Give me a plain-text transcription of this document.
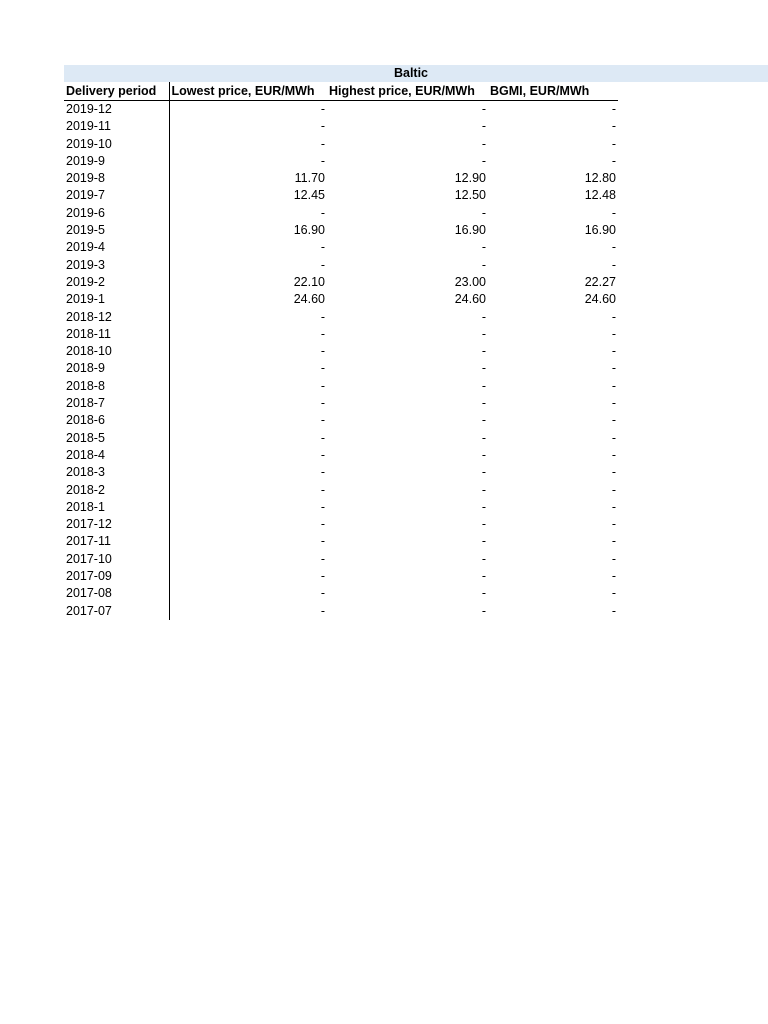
Baltic
Delivery period	Lowest price, EUR/MWh	Highest price, EUR/MWh	BGMI, EUR/MWh
2019-12	-	-	-
2019-11	-	-	-
2019-10	-	-	-
2019-9	-	-	-
2019-8	11.70	12.90	12.80
2019-7	12.45	12.50	12.48
2019-6	-	-	-
2019-5	16.90	16.90	16.90
2019-4	-	-	-
2019-3	-	-	-
2019-2	22.10	23.00	22.27
2019-1	24.60	24.60	24.60
2018-12	-	-	-
2018-11	-	-	-
2018-10	-	-	-
2018-9	-	-	-
2018-8	-	-	-
2018-7	-	-	-
2018-6	-	-	-
2018-5	-	-	-
2018-4	-	-	-
2018-3	-	-	-
2018-2	-	-	-
2018-1	-	-	-
2017-12	-	-	-
2017-11	-	-	-
2017-10	-	-	-
2017-09	-	-	-
2017-08	-	-	-
2017-07	-	-	-
